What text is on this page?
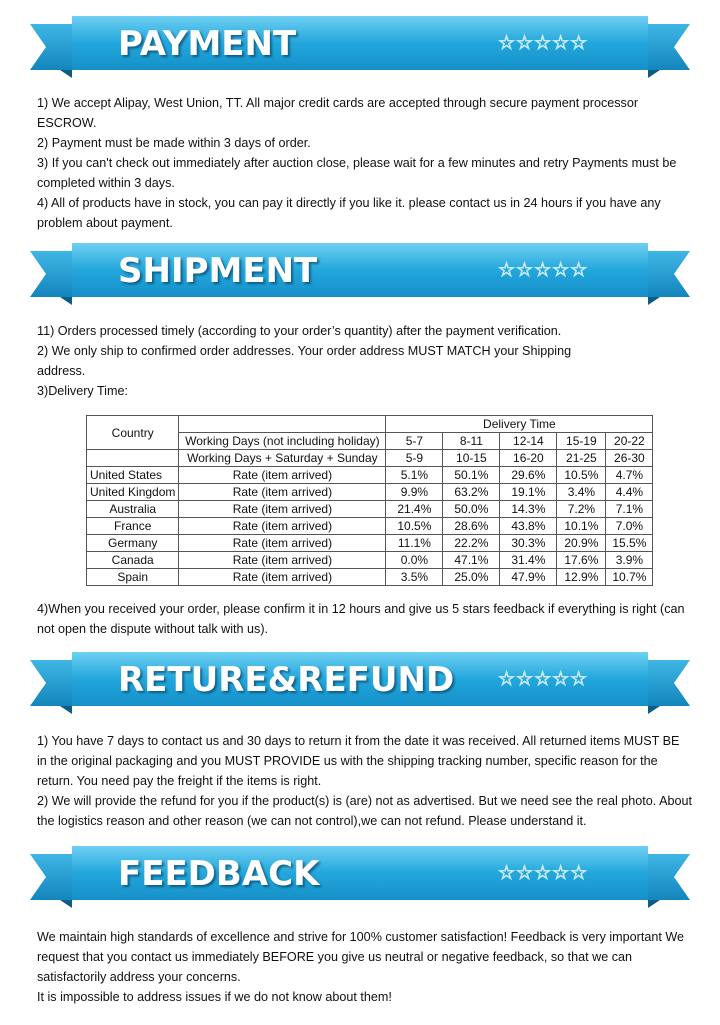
PAYMENT	☆☆☆☆☆

1) We accept Alipay, West Union, TT. All major credit cards are accepted through secure payment processor ESCROW.

2) Payment must be made within 3 days of order.

3) If you can't check out immediately after auction close, please wait for a few minutes and retry Payments must be completed within 3 days.

4) All of products have in stock, you can pay it directly if you like it. please contact us in 24 hours if you have any problem about payment.

SHIPMENT	☆☆☆☆☆

11) Orders processed timely (according to your order’s quantity) after the payment verification.

2) We only ship to confirmed order addresses. Your order address MUST MATCH your Shipping address.

3)Delivery Time:

Country		Delivery Time				
	Working Days (not including holiday)	5-7	8-11	12-14	15-19	20-22
	Working Days + Saturday + Sunday	5-9	10-15	16-20	21-25	26-30
United States	Rate (item arrived)	5.1%	50.1%	29.6%	10.5%	4.7%
United Kingdom	Rate (item arrived)	9.9%	63.2%	19.1%	3.4%	4.4%
Australia	Rate (item arrived)	21.4%	50.0%	14.3%	7.2%	7.1%
France	Rate (item arrived)	10.5%	28.6%	43.8%	10.1%	7.0%
Germany	Rate (item arrived)	11.1%	22.2%	30.3%	20.9%	15.5%
Canada	Rate (item arrived)	0.0%	47.1%	31.4%	17.6%	3.9%
Spain	Rate (item arrived)	3.5%	25.0%	47.9%	12.9%	10.7%

4)When you received your order, please confirm it in 12 hours and give us 5 stars feedback if everything is right (can not open the dispute without talk with us).

RETURE&REFUND ☆☆☆☆☆

1) You have 7 days to contact us and 30 days to return it from the date it was received. All returned items MUST BE in the original packaging and you MUST PROVIDE us with the shipping tracking number, specific reason for the return. You need pay the freight if the items is right.

2) We will provide the refund for you if the product(s) is (are) not as advertised. But we need see the real photo. About the logistics reason and other reason (we can not control),we can not refund. Please understand it.

FEEDBACK	☆☆☆☆☆

We maintain high standards of excellence and strive for 100% customer satisfaction! Feedback is very important We request that you contact us immediately BEFORE you give us neutral or negative feedback, so that we can satisfactorily address your concerns.

It is impossible to address issues if we do not know about them!
